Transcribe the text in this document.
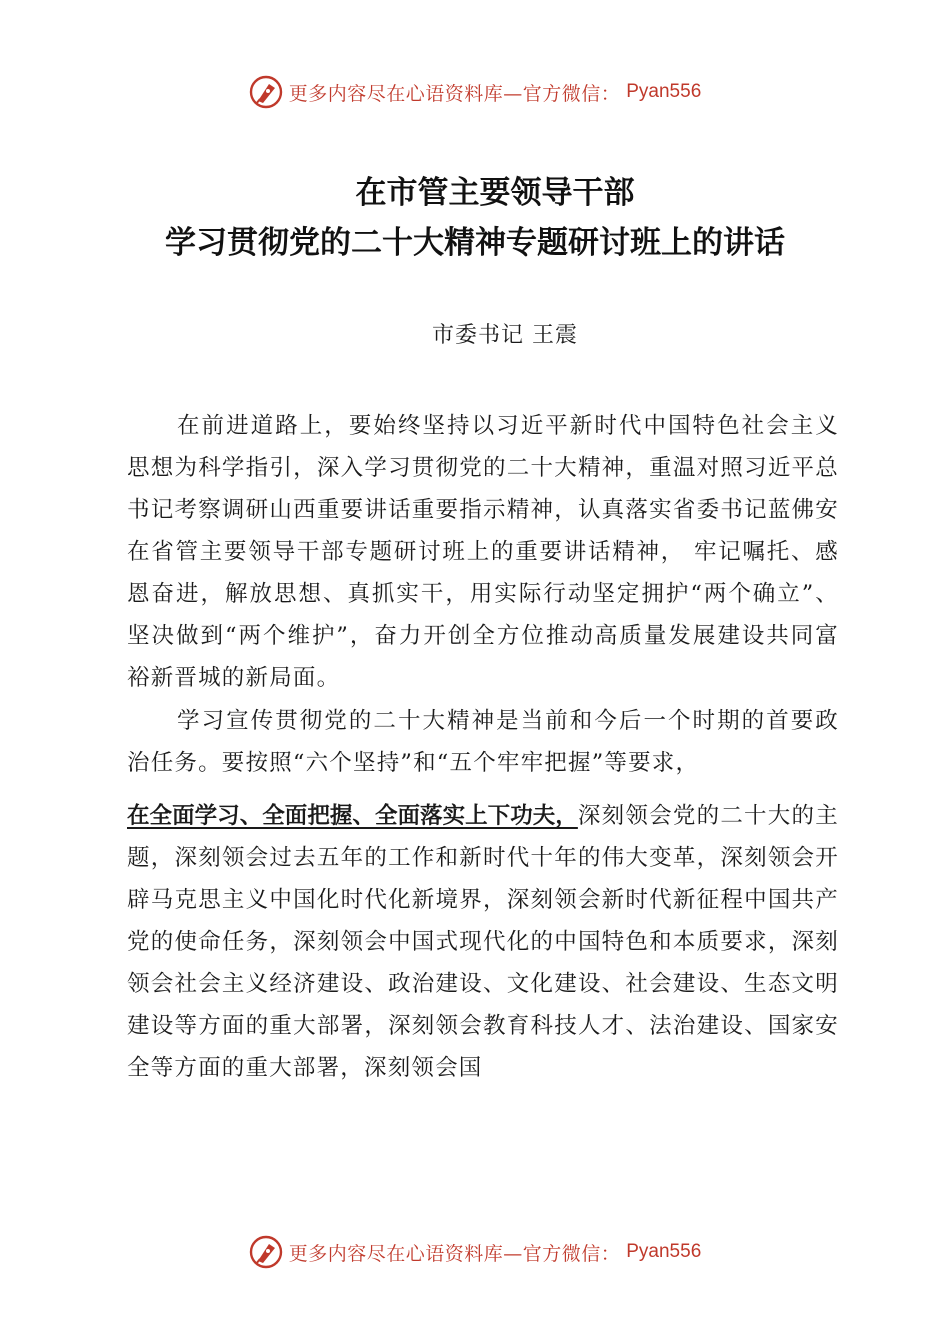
更多内容尽在心语资料库—官方微信： Pyan556
在市管主要领导干部
学习贯彻党的二十大精神专题研讨班上的讲话
市委书记 王震

在前进道路上，要始终坚持以习近平新时代中国特色社会主义思想为科学指引，深入学习贯彻党的二十大精神，重温对照习近平总书记考察调研山西重要讲话重要指示精神，认真落实省委书记蓝佛安在省管主要领导干部专题研讨班上的重要讲话精神， 牢记嘱托、感恩奋进，解放思想、真抓实干，用实际行动坚定拥护“两个确立”、坚决做到“两个维护”，奋力开创全方位推动高质量发展建设共同富裕新晋城的新局面。

学习宣传贯彻党的二十大精神是当前和今后一个时期的首要政治任务。要按照“六个坚持”和“五个牢牢把握”等要求，

在全面学习、全面把握、全面落实上下功夫，深刻领会党的二十大的主题，深刻领会过去五年的工作和新时代十年的伟大变革，深刻领会开辟马克思主义中国化时代化新境界，深刻领会新时代新征程中国共产党的使命任务，深刻领会中国式现代化的中国特色和本质要求，深刻领会社会主义经济建设、政治建设、文化建设、社会建设、生态文明建设等方面的重大部署，深刻领会教育科技人才、法治建设、国家安全等方面的重大部署，深刻领会国

更多内容尽在心语资料库—官方微信： Pyan556
